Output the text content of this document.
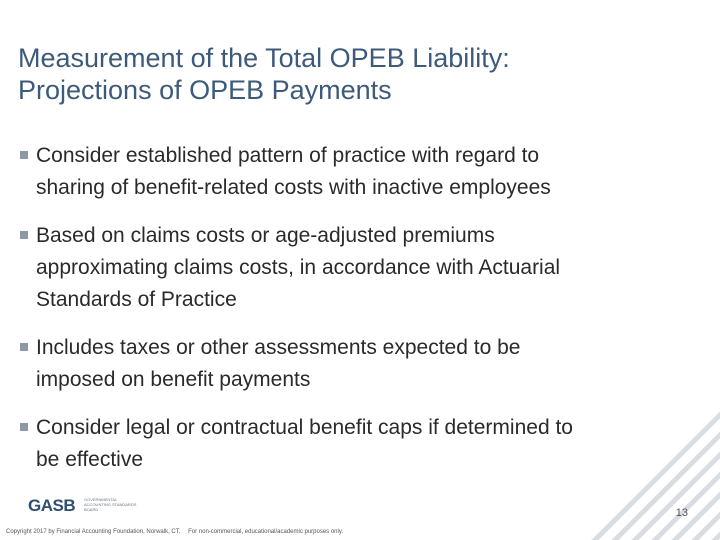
Measurement of the Total OPEB Liability:
Projections of OPEB Payments
Consider established pattern of practice with regard to
sharing of benefit-related costs with inactive employees
Based on claims costs or age-adjusted premiums
approximating claims costs, in accordance with Actuarial
Standards of Practice
Includes taxes or other assessments expected to be
imposed on benefit payments
Consider legal or contractual benefit caps if determined to
be effective
GASB GOVERNMENTAL ACCOUNTING STANDARDS BOARD	13
Copyright 2017 by Financial Accounting Foundation, Norwalk, CT. For non-commercial, educational/academic purposes only.
